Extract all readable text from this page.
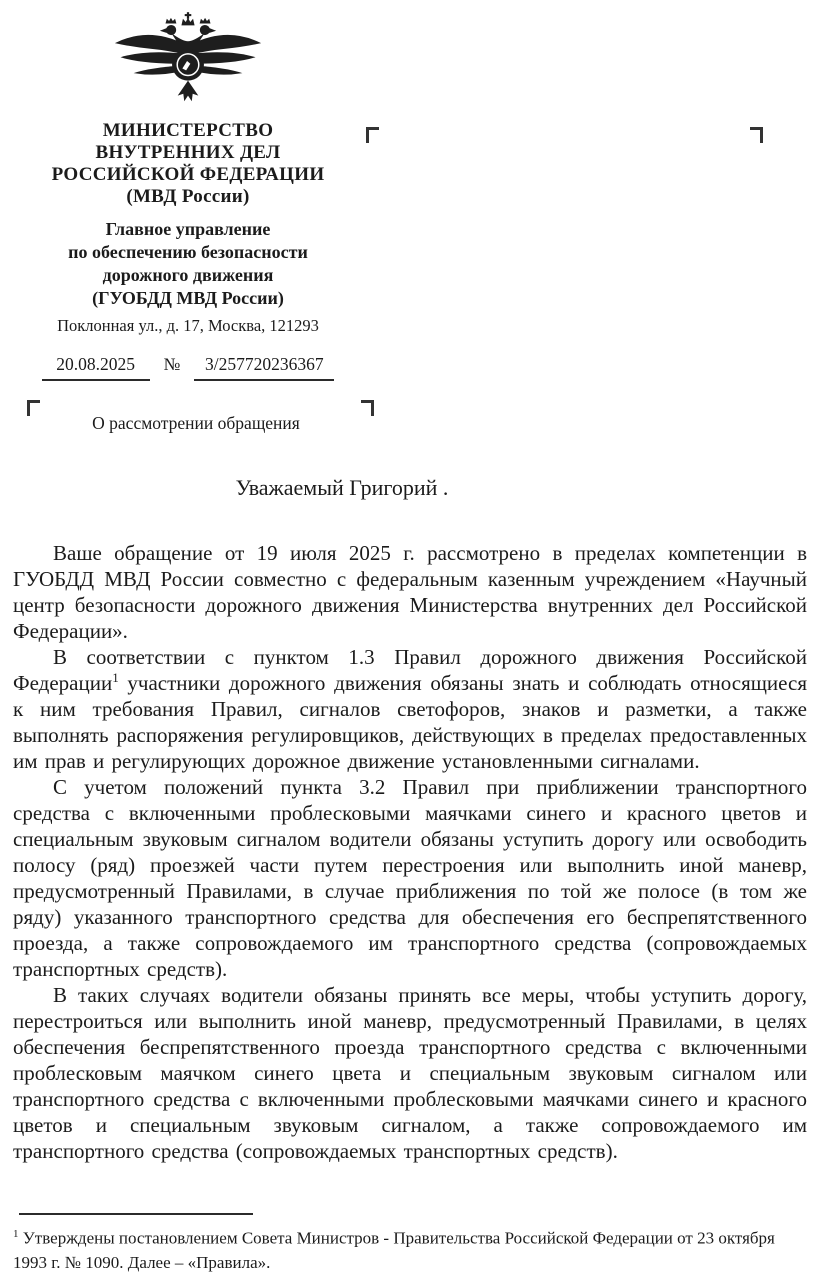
МИНИСТЕРСТВО
ВНУТРЕННИХ ДЕЛ
РОССИЙСКОЙ ФЕДЕРАЦИИ
(МВД России)
Главное управление
по обеспечению безопасности
дорожного движения
(ГУОБДД МВД России)
Поклонная ул., д. 17, Москва, 121293
20.08.2025	№	3/257720236367
О рассмотрении обращения
Уважаемый Григорий .

Ваше обращение от 19 июля 2025 г. рассмотрено в пределах компетенции в ГУОБДД МВД России совместно с федеральным казенным учреждением «Научный центр безопасности дорожного движения Министерства внутренних дел Российской Федерации».

В соответствии с пунктом 1.3 Правил дорожного движения Российской Федерации$^1$ участники дорожного движения обязаны знать и соблюдать относящиеся к ним требования Правил, сигналов светофоров, знаков и разметки, а также выполнять распоряжения регулировщиков, действующих в пределах предоставленных им прав и регулирующих дорожное движение установленными сигналами.

С учетом положений пункта 3.2 Правил при приближении транспортного средства с включенными проблесковыми маячками синего и красного цветов и специальным звуковым сигналом водители обязаны уступить дорогу или освободить полосу (ряд) проезжей части путем перестроения или выполнить иной маневр, предусмотренный Правилами, в случае приближения по той же полосе (в том же ряду) указанного транспортного средства для обеспечения его беспрепятственного проезда, а также сопровождаемого им транспортного средства (сопровождаемых транспортных средств).

В таких случаях водители обязаны принять все меры, чтобы уступить дорогу, перестроиться или выполнить иной маневр, предусмотренный Правилами, в целях обеспечения беспрепятственного проезда транспортного средства с включенными проблесковым маячком синего цвета и специальным звуковым сигналом или транспортного средства с включенными проблесковыми маячками синего и красного цветов и специальным звуковым сигналом, а также сопровождаемого им транспортного средства (сопровождаемых транспортных средств).

$^1$ Утверждены постановлением Совета Министров - Правительства Российской Федерации от 23 октября 1993 г. № 1090. Далее – «Правила».
